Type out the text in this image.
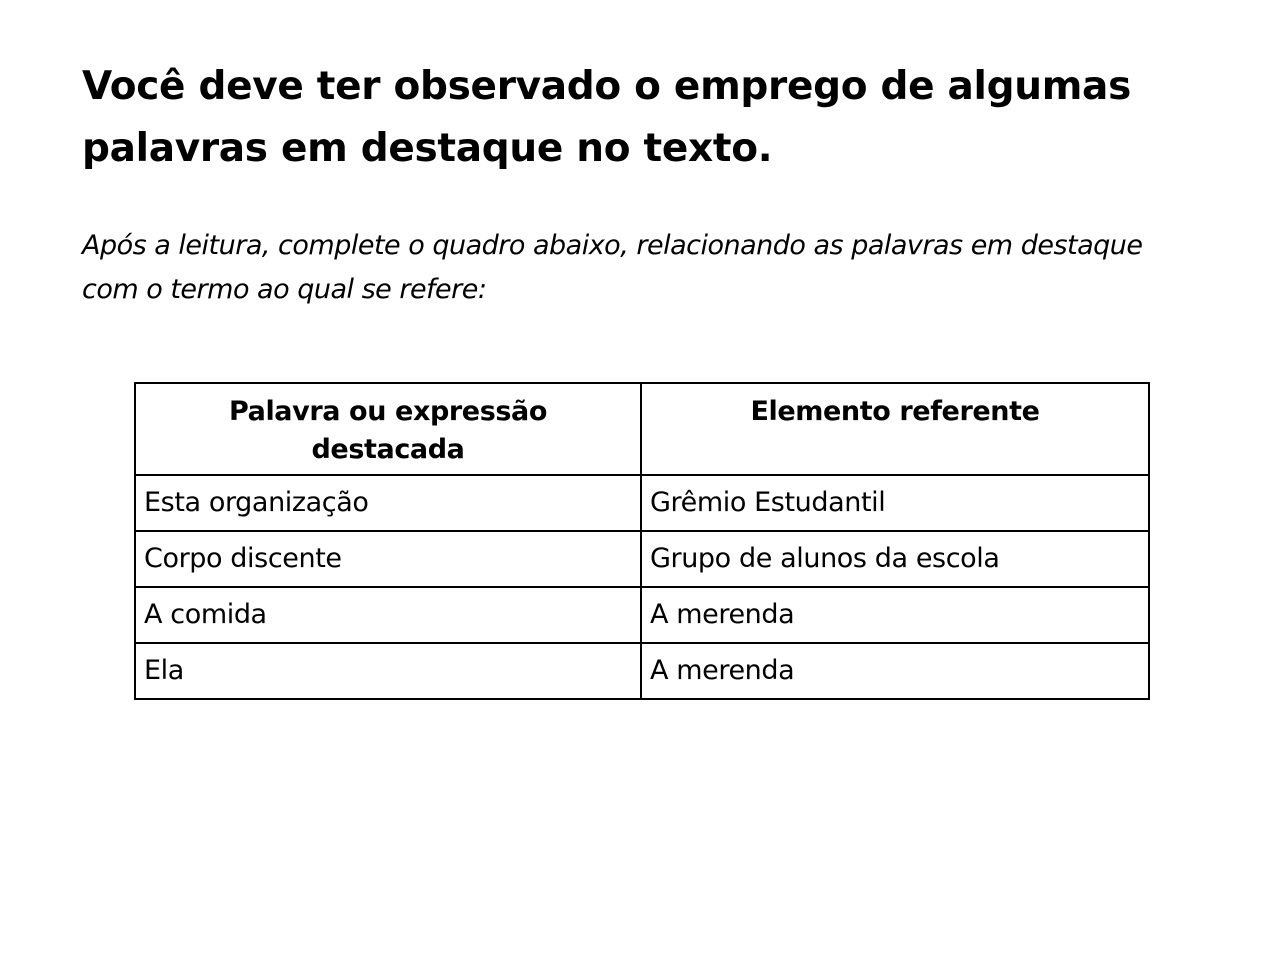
Você deve ter observado o emprego de algumas
palavras em destaque no texto.

Após a leitura, complete o quadro abaixo, relacionando as palavras em destaque
com o termo ao qual se refere:

Palavra ou expressão
destacada	Elemento referente
Esta organização	Grêmio Estudantil
Corpo discente	Grupo de alunos da escola
A comida	A merenda
Ela	A merenda
